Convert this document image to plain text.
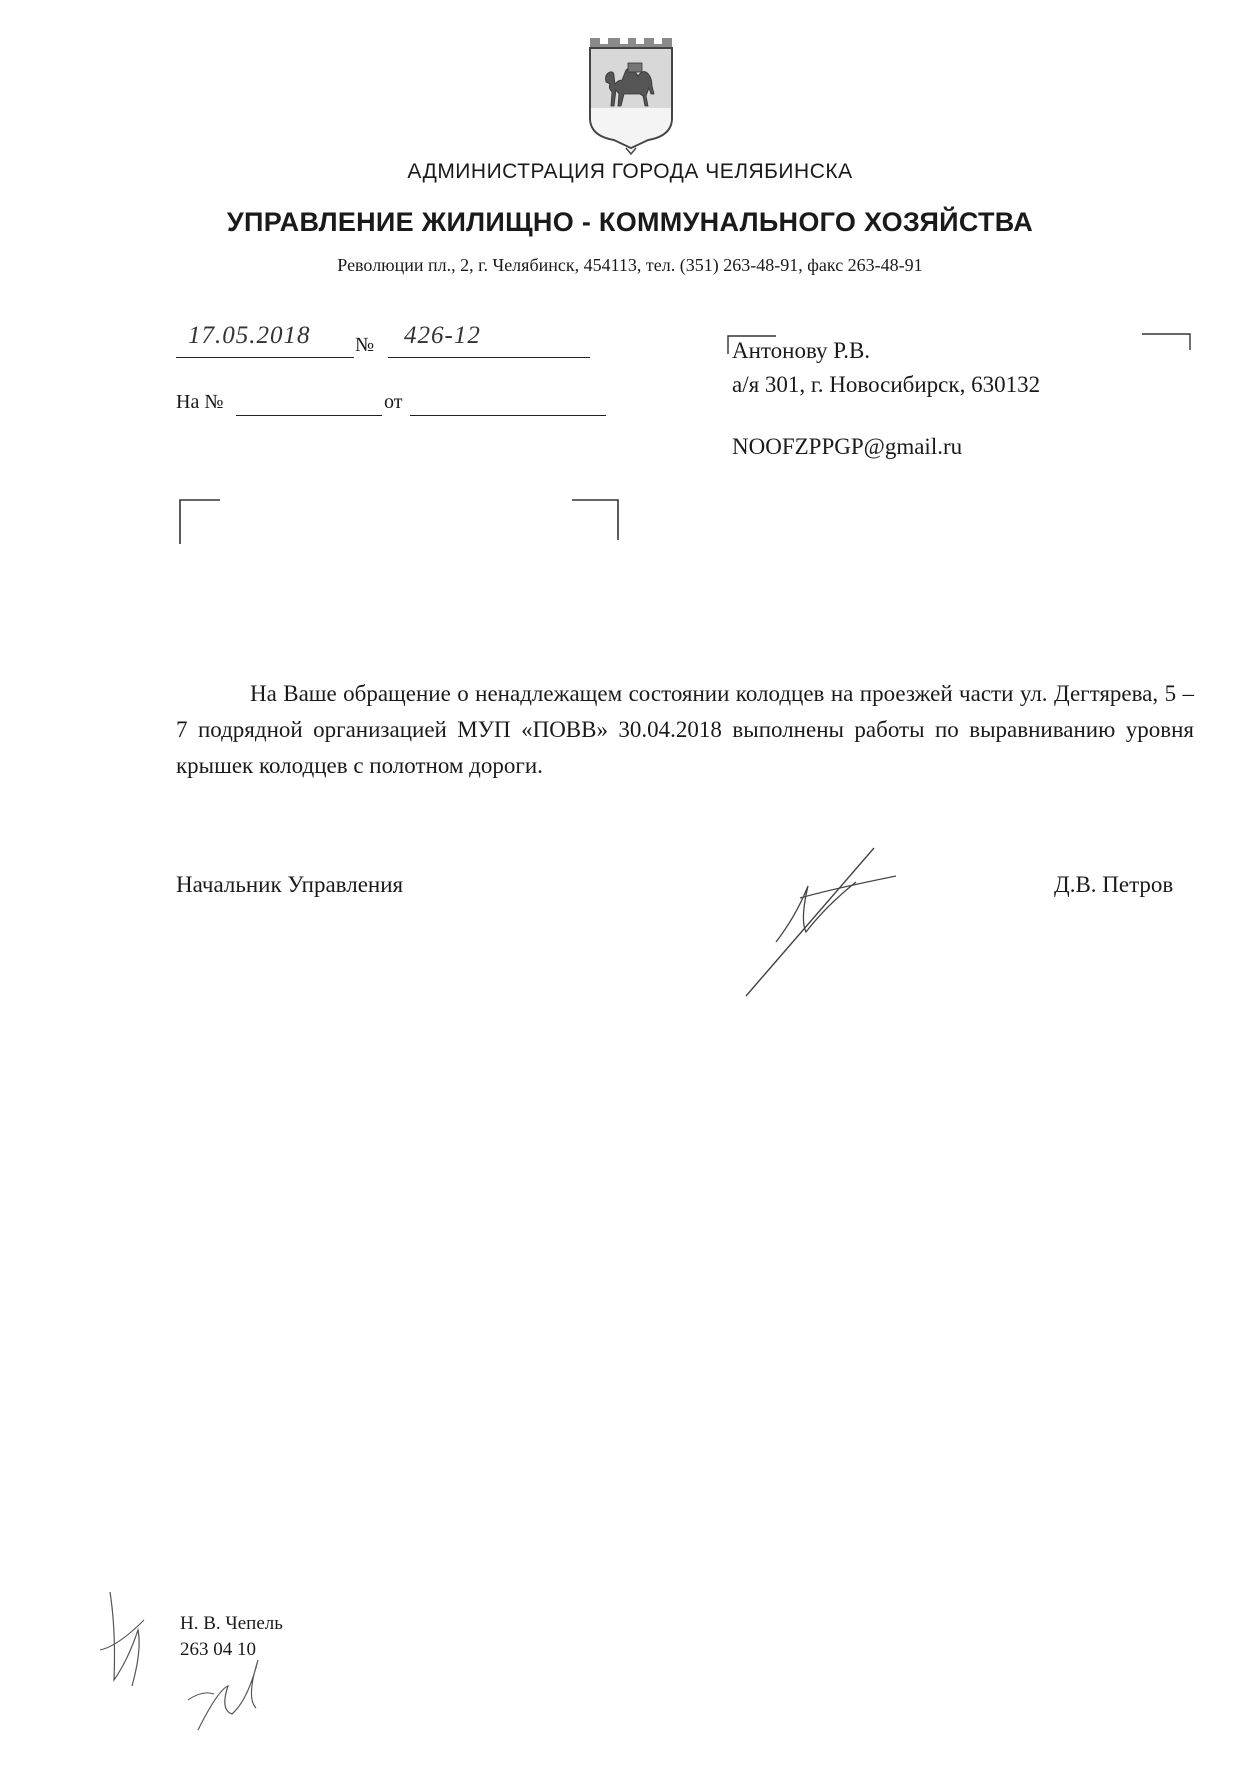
АДМИНИСТРАЦИЯ ГОРОДА ЧЕЛЯБИНСКА
УПРАВЛЕНИЕ ЖИЛИЩНО - КОММУНАЛЬНОГО ХОЗЯЙСТВА
Революции пл., 2, г. Челябинск, 454113, тел. (351) 263-48-91, факс 263-48-91
17.05.2018 № 426-12
На №	от
Антонову Р.В.
а/я 301, г. Новосибирск, 630132
NOOFZPPGP@gmail.ru
На Ваше обращение о ненадлежащем состоянии колодцев на проезжей части ул. Дегтярева, 5 – 7 подрядной организацией МУП «ПОВВ» 30.04.2018 выполнены работы по выравниванию уровня крышек колодцев с полотном дороги.
Начальник Управления	Д.В. Петров
Н. В. Чепель
263 04 10
